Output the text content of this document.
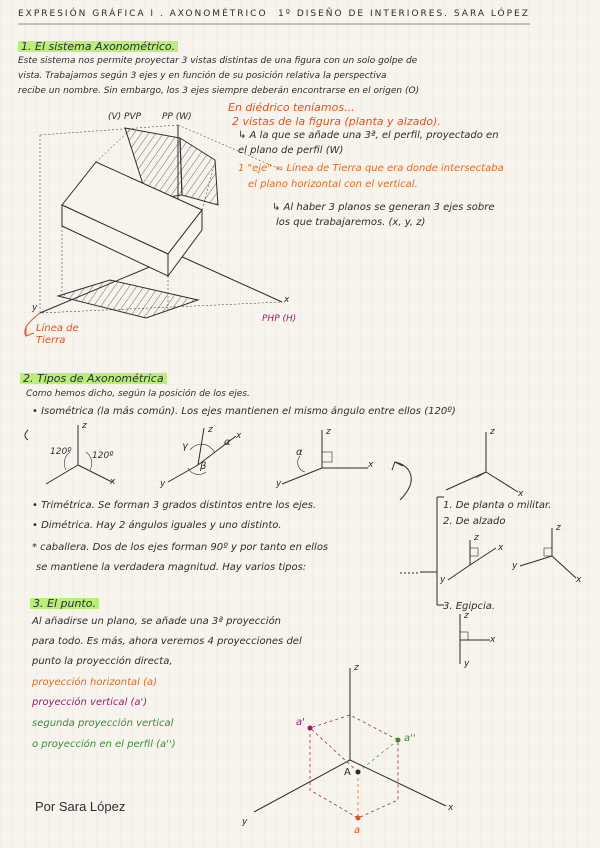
EXPRESIÓN GRÁFICA I . AXONOMÉTRICO 1º DISEÑO DE INTERIORES. SARA LÓPEZ
1. El sistema Axonométrico.
Este sistema nos permite proyectar 3 vistas distintas de una figura con un solo golpe de
vista. Trabajamos según 3 ejes y en función de su posición relativa la perspectiva
recibe un nombre. Sin embargo, los 3 ejes siempre deberán encontrarse en el origen (O)
(V) PVP PP (W)
PHP (H)
x
y
Línea de Tierra
En diédrico teníamos...
2 vistas de la figura (planta y alzado).
↳ A la que se añade una 3ª, el perfil, proyectado en
el plano de perfil (W)
1 "eje" = Línea de Tierra que era donde intersectaba
el plano horizontal con el vertical.
↳ Al haber 3 planos se generan 3 ejes sobre
los que trabajaremos. (x, y, z)
2. Tipos de Axonométrica
Como hemos dicho, según la posición de los ejes.
• Isométrica (la más común). Los ejes mantienen el mismo ángulo entre ellos (120º)
120º 120º
z
x
z
x
y
γ	α
β
z
x
y
α
z
x
• Trimétrica. Se forman 3 grados distintos entre los ejes.
• Dimétrica. Hay 2 ángulos iguales y uno distinto.
* caballera. Dos de los ejes forman 90º y por tanto en ellos
se mantiene la verdadera magnitud. Hay varios tipos:
1. De planta o militar.
2. De alzado
3. Egipcia.
z
x
y
z
x
y
z
x
y
3. El punto.
Al añadirse un plano, se añade una 3ª proyección
para todo. Es más, ahora veremos 4 proyecciones del
punto la proyección directa,
proyección horizontal (a)
proyección vertical (a')
segunda proyección vertical
o proyección en el perfil (a'')
A
a'
a''
a
z
x
y
Por Sara López
